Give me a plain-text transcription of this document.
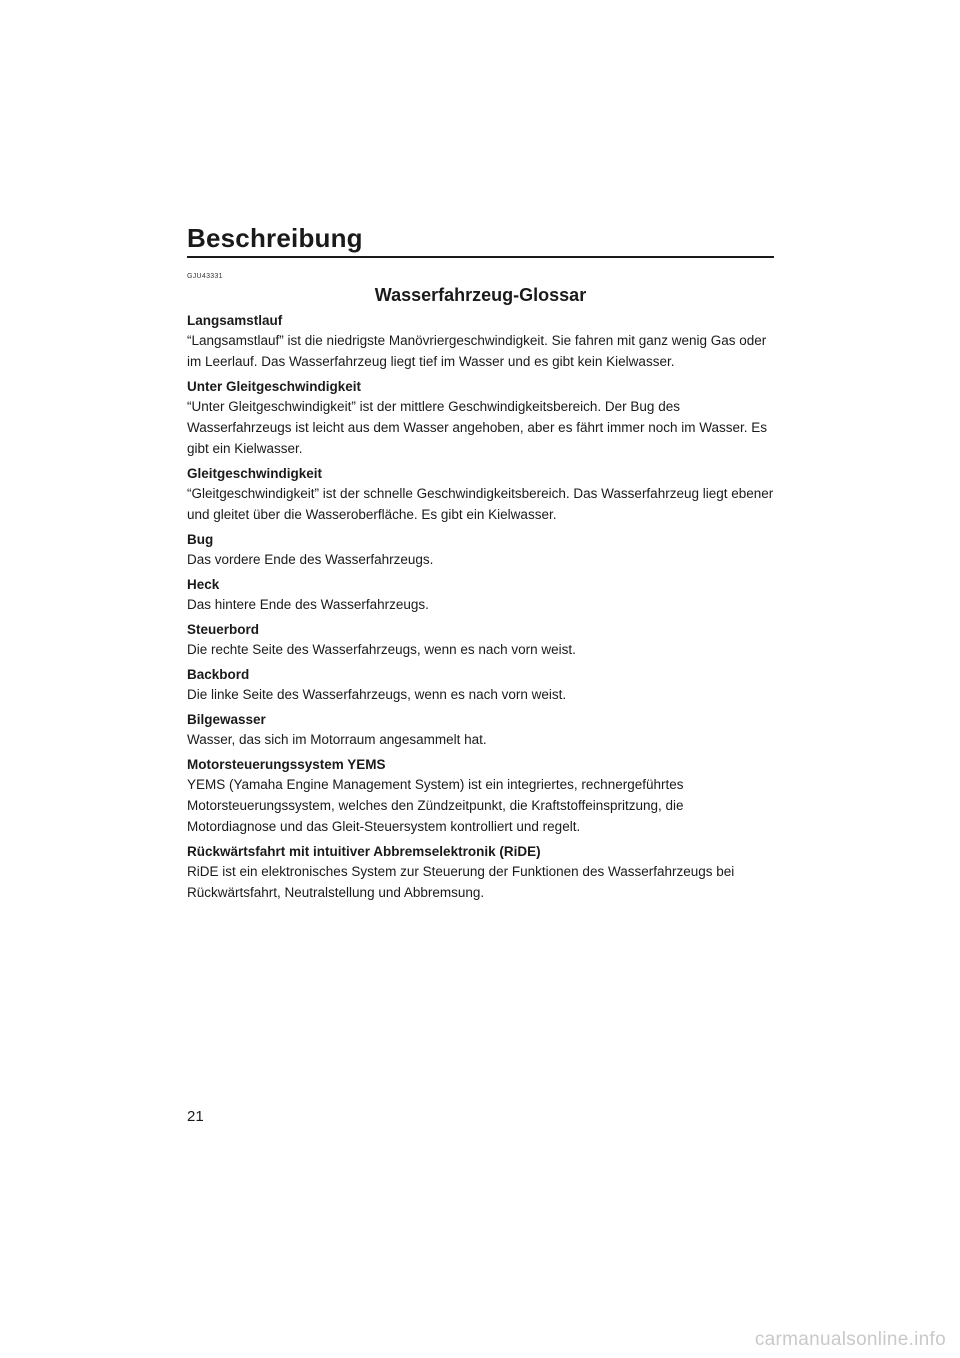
Beschreibung
GJU43331
Wasserfahrzeug-Glossar
Langsamstlauf
“Langsamstlauf” ist die niedrigste Manövriergeschwindigkeit. Sie fahren mit ganz wenig Gas oder im Leerlauf. Das Wasserfahrzeug liegt tief im Wasser und es gibt kein Kielwasser.
Unter Gleitgeschwindigkeit
“Unter Gleitgeschwindigkeit” ist der mittlere Geschwindigkeitsbereich. Der Bug des Wasserfahrzeugs ist leicht aus dem Wasser angehoben, aber es fährt immer noch im Wasser. Es gibt ein Kielwasser.
Gleitgeschwindigkeit
“Gleitgeschwindigkeit” ist der schnelle Geschwindigkeitsbereich. Das Wasserfahrzeug liegt ebener und gleitet über die Wasseroberfläche. Es gibt ein Kielwasser.
Bug
Das vordere Ende des Wasserfahrzeugs.
Heck
Das hintere Ende des Wasserfahrzeugs.
Steuerbord
Die rechte Seite des Wasserfahrzeugs, wenn es nach vorn weist.
Backbord
Die linke Seite des Wasserfahrzeugs, wenn es nach vorn weist.
Bilgewasser
Wasser, das sich im Motorraum angesammelt hat.
Motorsteuerungssystem YEMS
YEMS (Yamaha Engine Management System) ist ein integriertes, rechnergeführtes Motorsteuerungssystem, welches den Zündzeitpunkt, die Kraftstoffeinspritzung, die Motordiagnose und das Gleit-Steuersystem kontrolliert und regelt.
Rückwärtsfahrt mit intuitiver Abbremselektronik (RiDE)
RiDE ist ein elektronisches System zur Steuerung der Funktionen des Wasserfahrzeugs bei Rückwärtsfahrt, Neutralstellung und Abbremsung.
21
carmanualsonline.info
